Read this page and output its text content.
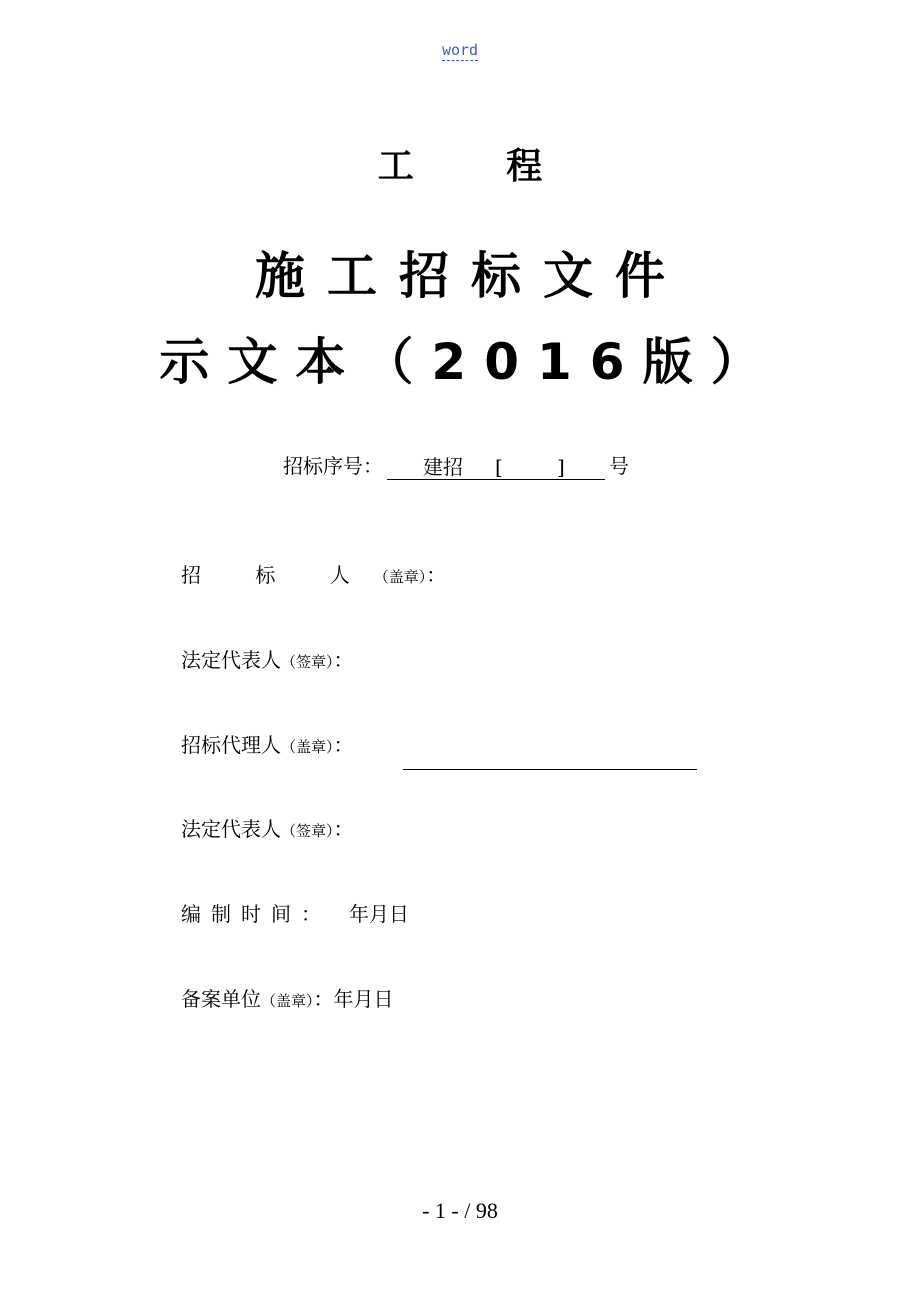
word
工 程
施工招标文件
示文本（2016版）
招标序号： 建招 [	] 号
招 标 人（盖章）：
法定代表人（签章）：
招标代理人（盖章）：
法定代表人（签章）：
编制时间： 年月日
备案单位（盖章）：年月日
- 1 - / 98
